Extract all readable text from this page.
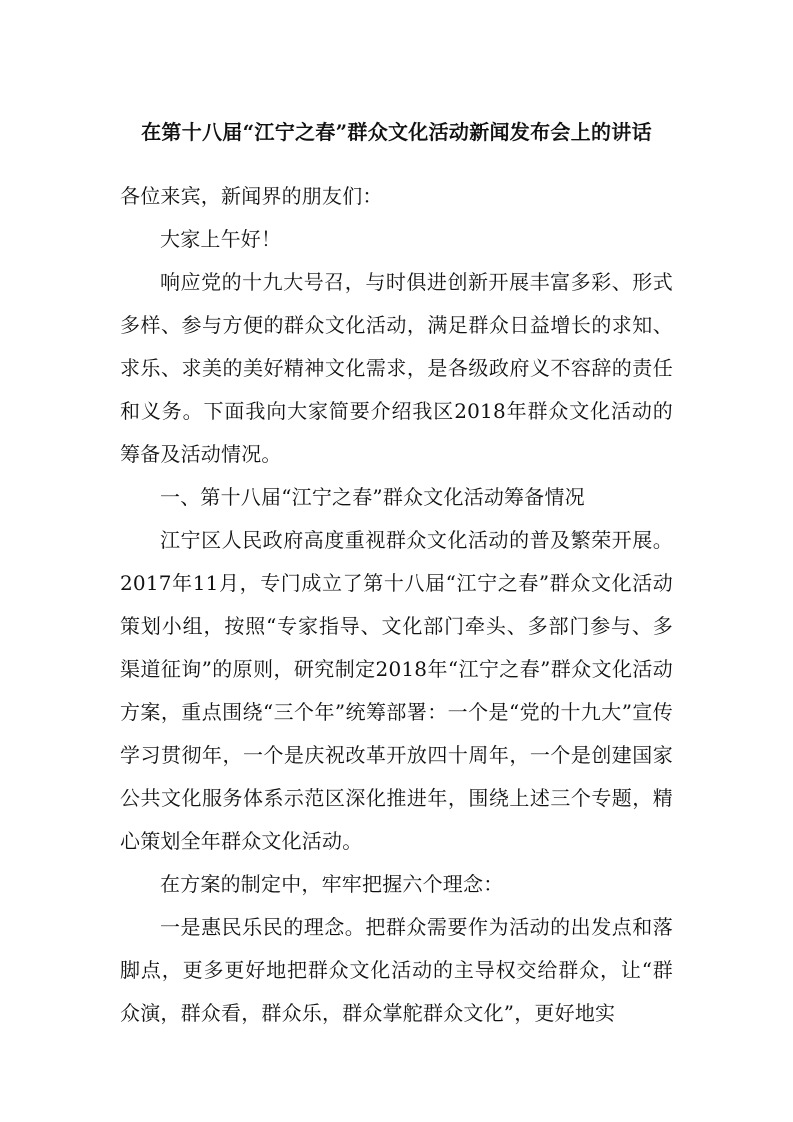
在第十八届“江宁之春”群众文化活动新闻发布会上的讲话

各位来宾，新闻界的朋友们：

大家上午好！

响应党的十九大号召，与时俱进创新开展丰富多彩、形式多样、参与方便的群众文化活动，满足群众日益增长的求知、求乐、求美的美好精神文化需求，是各级政府义不容辞的责任和义务。下面我向大家简要介绍我区2018年群众文化活动的筹备及活动情况。

一、第十八届“江宁之春”群众文化活动筹备情况

江宁区人民政府高度重视群众文化活动的普及繁荣开展。2017年11月，专门成立了第十八届“江宁之春”群众文化活动策划小组，按照“专家指导、文化部门牵头、多部门参与、多渠道征询”的原则，研究制定2018年“江宁之春”群众文化活动方案，重点围绕“三个年”统筹部署：一个是“党的十九大”宣传学习贯彻年，一个是庆祝改革开放四十周年，一个是创建国家公共文化服务体系示范区深化推进年，围绕上述三个专题，精心策划全年群众文化活动。

在方案的制定中，牢牢把握六个理念：

一是惠民乐民的理念。把群众需要作为活动的出发点和落脚点，更多更好地把群众文化活动的主导权交给群众，让“群众演，群众看，群众乐，群众掌舵群众文化”，更好地实
